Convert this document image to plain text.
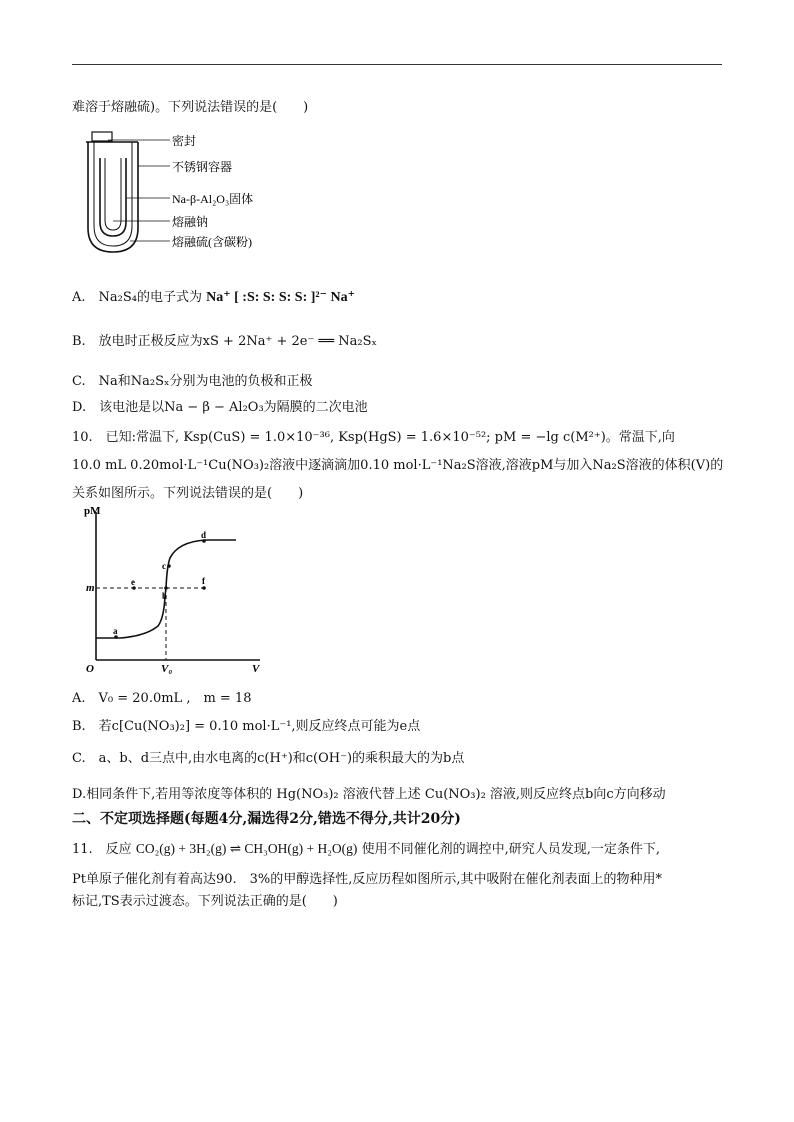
难溶于熔融硫)。下列说法错误的是(　　)
密封
不锈钢容器
Na-β-Al₂O₃固体
熔融钠
熔融硫(含碳粉)
A.　Na₂S₄的电子式为 Na⁺ [ :S: S: S: S: ]²⁻ Na⁺
B.　放电时正极反应为xS + 2Na⁺ + 2e⁻ ══ Na₂Sₓ
C.　Na和Na₂Sₓ分别为电池的负极和正极
D.　该电池是以Na − β − Al₂O₃为隔膜的二次电池
10.　已知:常温下, Ksp(CuS) = 1.0×10⁻³⁶, Ksp(HgS) = 1.6×10⁻⁵²; pM = −lg c(M²⁺)。常温下,向
10.0 mL 0.20mol·L⁻¹Cu(NO₃)₂溶液中逐滴滴加0.10 mol·L⁻¹Na₂S溶液,溶液pM与加入Na₂S溶液的体积(V)的
关系如图所示。下列说法错误的是(　　)
pM
V
O
m
V₀
a
b
c
d
e	f
A.　V₀ = 20.0mL ,　m = 18
B.　若c[Cu(NO₃)₂] = 0.10 mol·L⁻¹,则反应终点可能为e点
C.　a、b、d三点中,由水电离的c(H⁺)和c(OH⁻)的乘积最大的为b点
D.相同条件下,若用等浓度等体积的 Hg(NO₃)₂ 溶液代替上述 Cu(NO₃)₂ 溶液,则反应终点b向c方向移动
二、不定项选择题(每题4分,漏选得2分,错选不得分,共计20分)
11.　反应 CO₂(g) + 3H₂(g) ⇌ CH₃OH(g) + H₂O(g) 使用不同催化剂的调控中,研究人员发现,一定条件下,
Pt单原子催化剂有着高达90.　3%的甲醇选择性,反应历程如图所示,其中吸附在催化剂表面上的物种用*
标记,TS表示过渡态。下列说法正确的是(　　)
